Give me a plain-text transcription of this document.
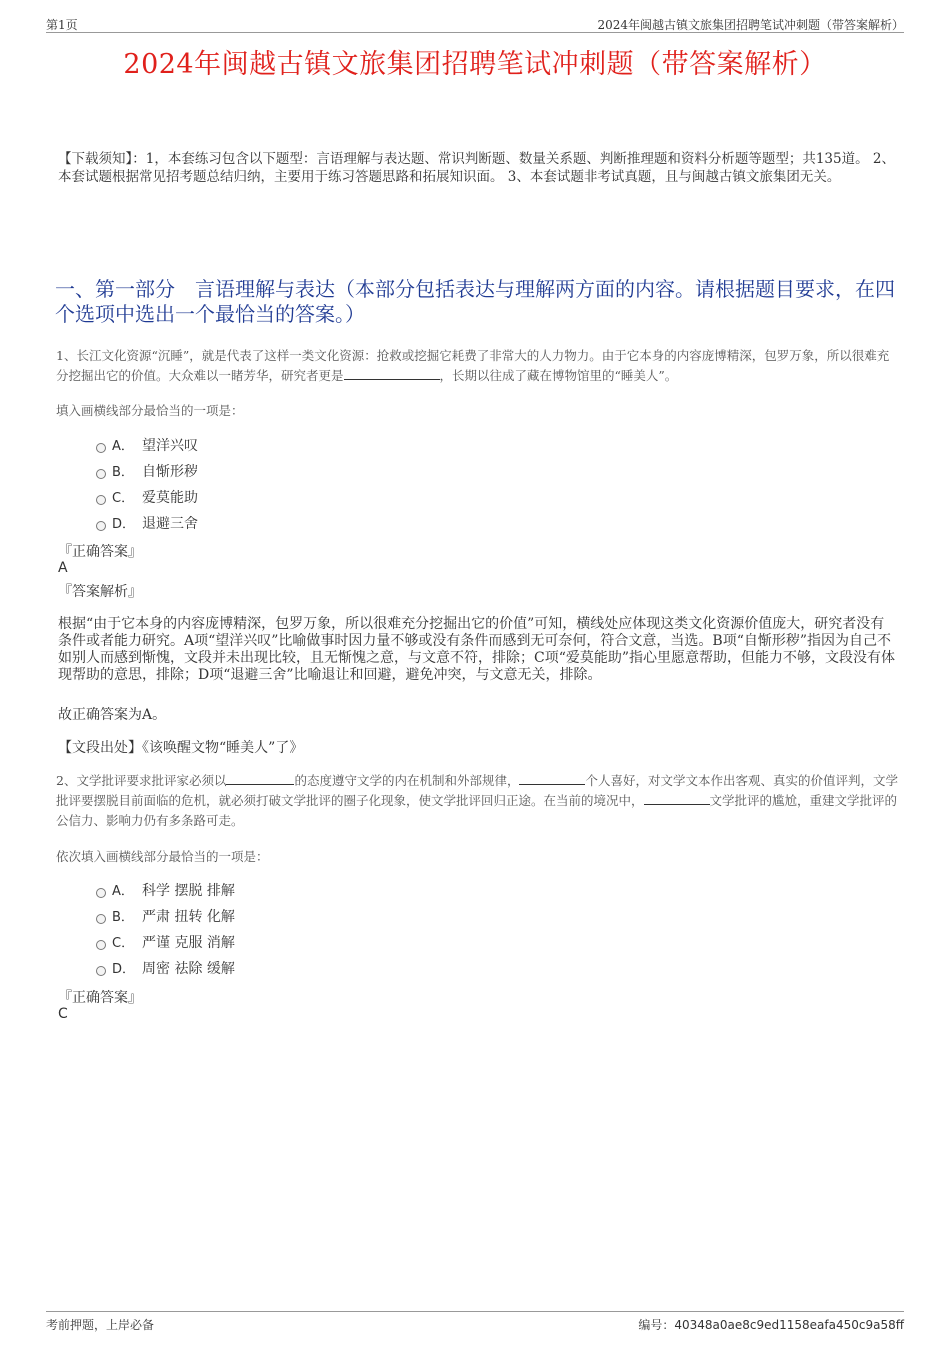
第1页	2024年闽越古镇文旅集团招聘笔试冲刺题（带答案解析）
2024年闽越古镇文旅集团招聘笔试冲刺题（带答案解析）
【下载须知】：1，本套练习包含以下题型：言语理解与表达题、常识判断题、数量关系题、判断推理题和资料分析题等题型；共135道。 2、本套试题根据常见招考题总结归纳，主要用于练习答题思路和拓展知识面。 3、本套试题非考试真题，且与闽越古镇文旅集团无关。
一、第一部分　言语理解与表达（本部分包括表达与理解两方面的内容。请根据题目要求，在四个选项中选出一个最恰当的答案。）
1、长江文化资源“沉睡”，就是代表了这样一类文化资源：抢救或挖掘它耗费了非常大的人力物力。由于它本身的内容庞博精深，包罗万象，所以很难充分挖掘出它的价值。大众难以一睹芳华，研究者更是	，长期以往成了藏在博物馆里的“睡美人”。
填入画横线部分最恰当的一项是：
A． 望洋兴叹
B． 自惭形秽
C． 爱莫能助
D． 退避三舍
『正确答案』
A
『答案解析』
根据“由于它本身的内容庞博精深，包罗万象，所以很难充分挖掘出它的价值”可知，横线处应体现这类文化资源价值庞大，研究者没有条件或者能力研究。A项“望洋兴叹”比喻做事时因力量不够或没有条件而感到无可奈何，符合文意，当选。B项“自惭形秽”指因为自己不如别人而感到惭愧，文段并未出现比较，且无惭愧之意，与文意不符，排除；C项“爱莫能助”指心里愿意帮助，但能力不够，文段没有体现帮助的意思，排除；D项“退避三舍”比喻退让和回避，避免冲突，与文意无关，排除。
故正确答案为A。
【文段出处】《该唤醒文物“睡美人”了》
2、文学批评要求批评家必须以	的态度遵守文学的内在机制和外部规律，	个人喜好，对文学文本作出客观、真实的价值评判，文学批评要摆脱目前面临的危机，就必须打破文学批评的圈子化现象，使文学批评回归正途。在当前的境况中，	文学批评的尴尬，重建文学批评的公信力、影响力仍有多条路可走。
依次填入画横线部分最恰当的一项是：
A． 科学 摆脱 排解
B． 严肃 扭转 化解
C． 严谨 克服 消解
D． 周密 祛除 缓解
『正确答案』
C
考前押题，上岸必备	编号：40348a0ae8c9ed1158eafa450c9a58ff
